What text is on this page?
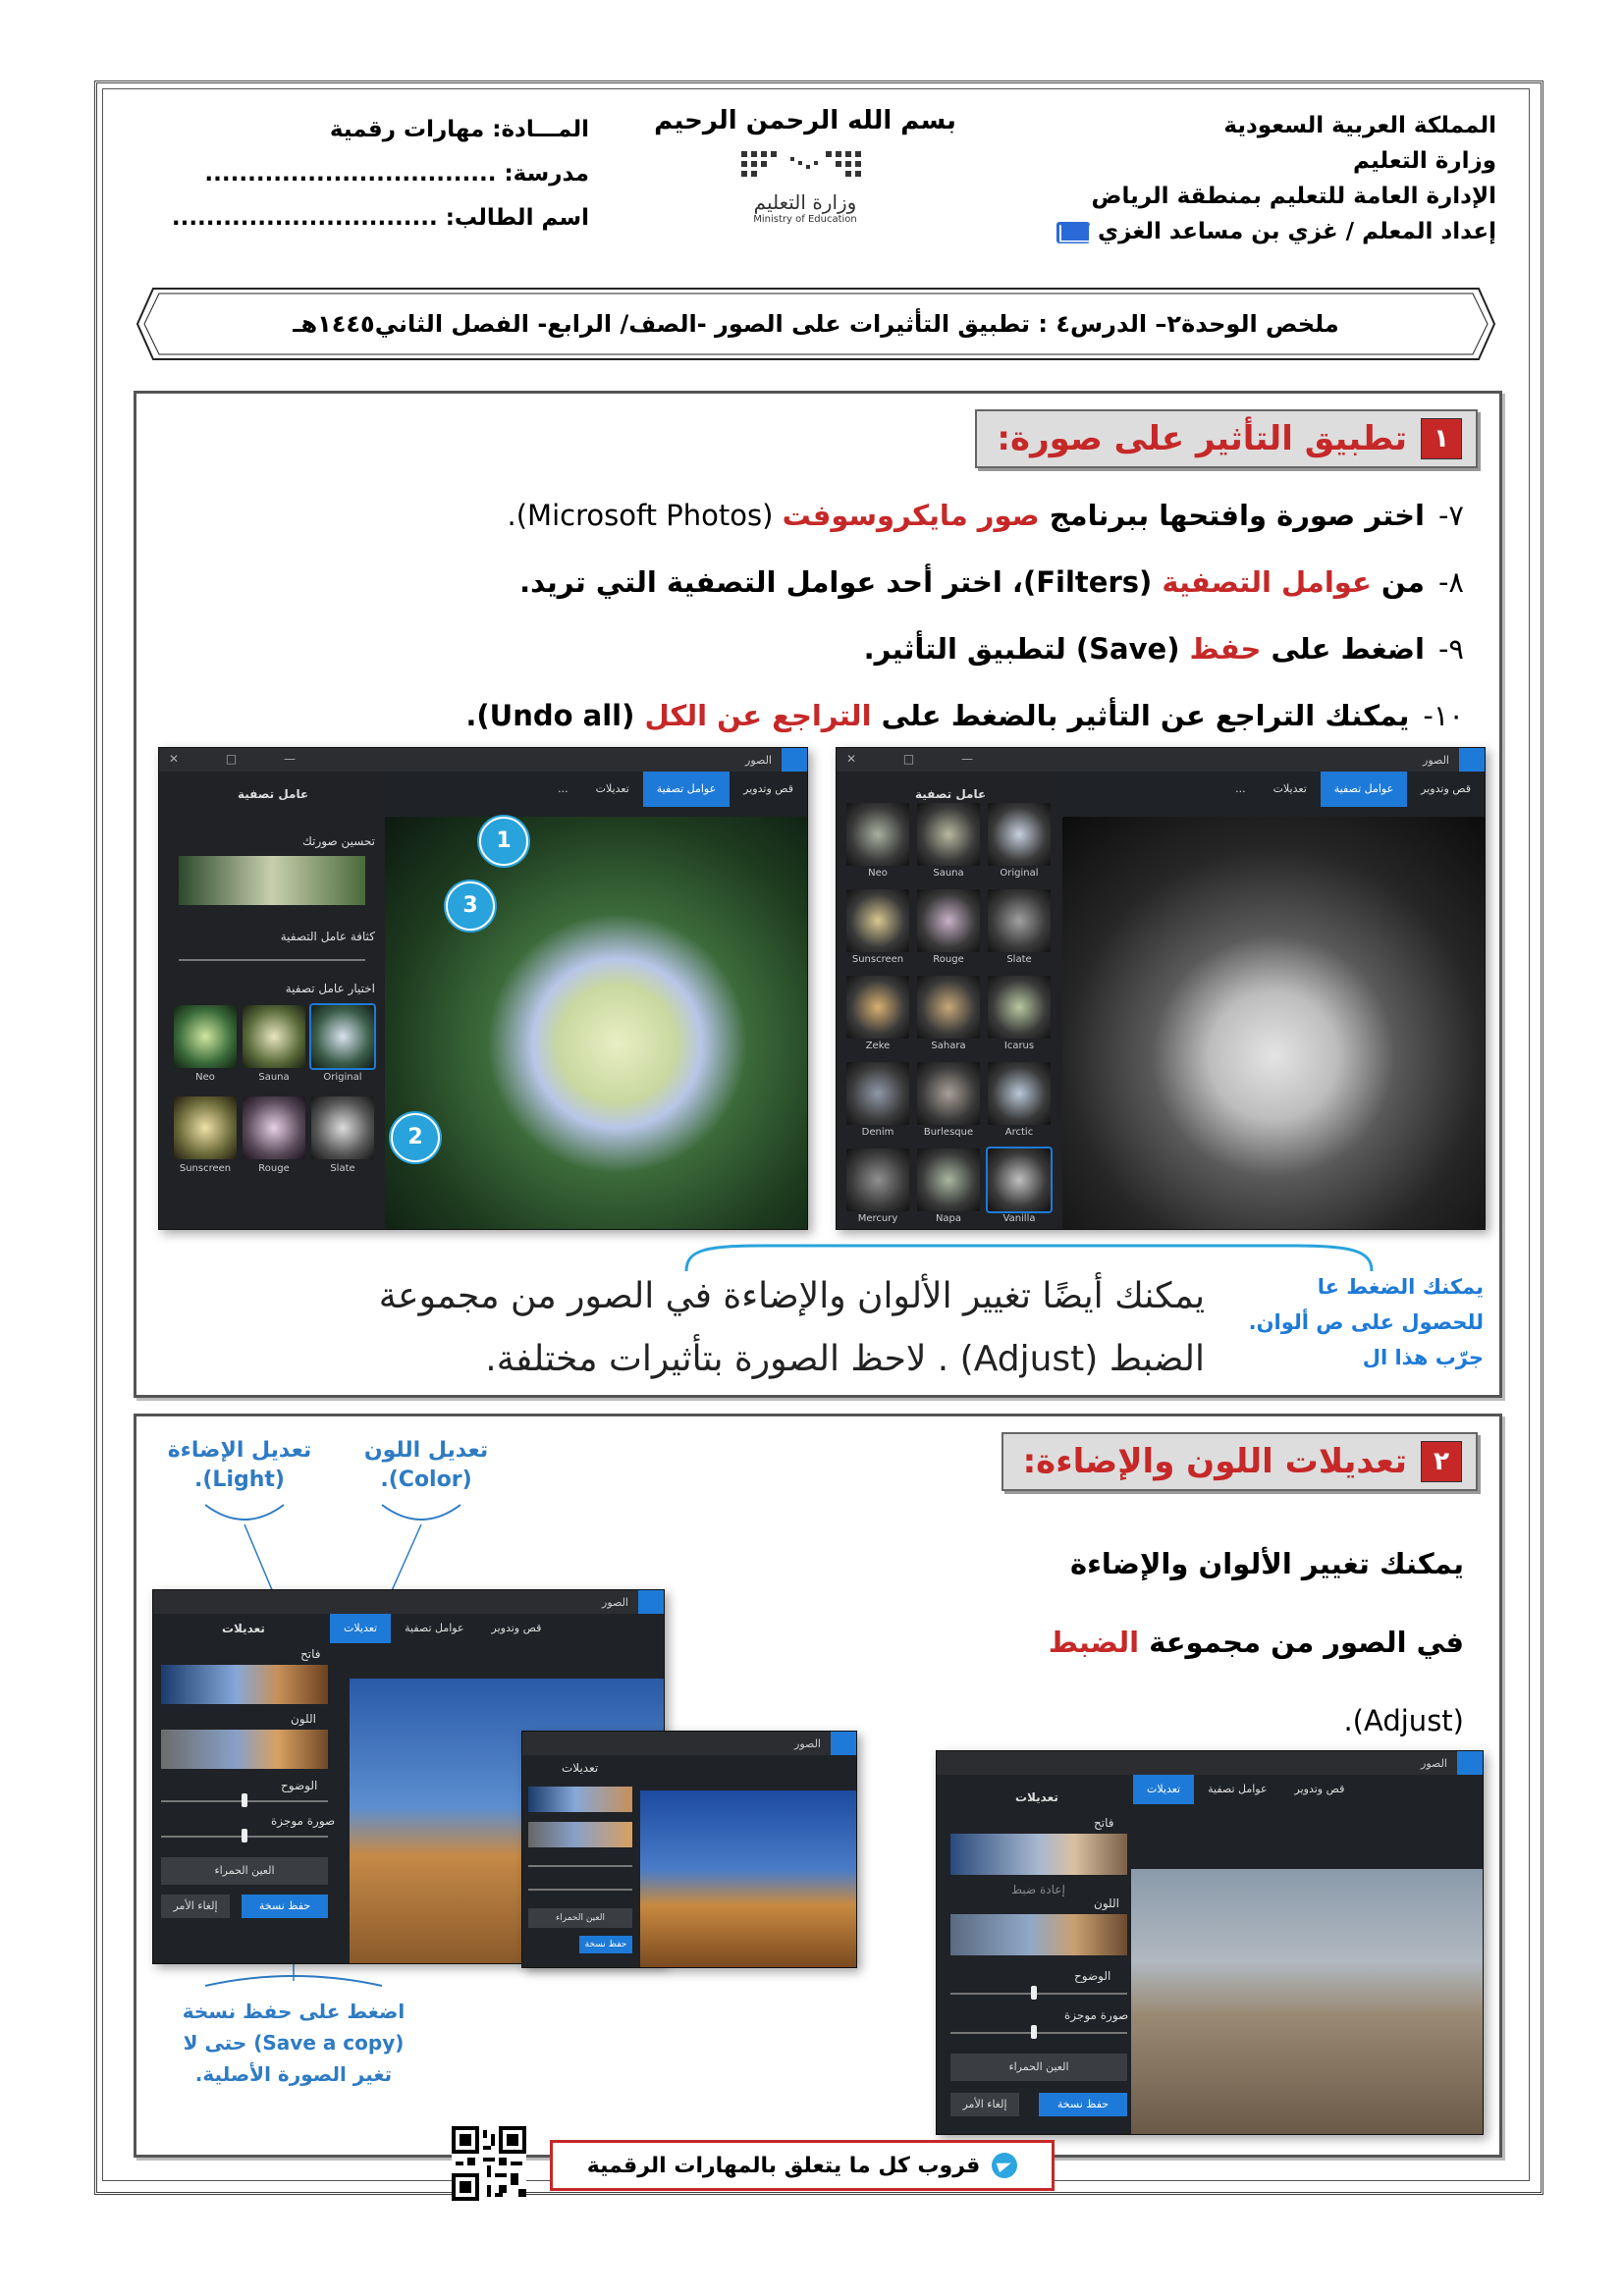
المملكة العربية السعودية
وزارة التعليم
الإدارة العامة للتعليم بمنطقة الرياض
إعداد المعلم / غزي بن مساعد الغزي
بسم الله الرحمن الرحيم
وزارة التعليم
Ministry of Education
المـــادة: مهارات رقمية
مدرسة: ..................................
اسم الطالب: ...............................
ملخص الوحدة٢– الدرس٤ : تطبيق التأثيرات على الصور -الصف/ الرابع- الفصل الثاني١٤٤٥هـ
١
تطبيق التأثير على صورة:
٧-اختر صورة وافتحها ببرنامج صور مايكروسوفت (Microsoft Photos).
٨-من عوامل التصفية (Filters)، اختر أحد عوامل التصفية التي تريد.
٩-اضغط على حفظ (Save) لتطبيق التأثير.
١٠-يمكنك التراجع عن التأثير بالضغط على التراجع عن الكل (Undo all).
الصور
✕ □ —
قص وتدوير
عوامل تصفية
تعديلات
...
عامل تصفية
تحسين صورتك
كثافة عامل التصفية
اختيار عامل تصفية
Neo	Sauna	Original
Sunscreen	Rouge	Slate
1
2
3
الصور
✕ □ —
قص وتدوير
عوامل تصفية
تعديلات
...
عامل تصفية
Neo	Sauna	Original
Sunscreen	Rouge	Slate
Zeke	Sahara	Icarus
Denim	Burlesque	Arctic
Mercury	Napa	Vanilla
يمكنك أيضًا تغيير الألوان والإضاءة في الصور من مجموعة الضبط (Adjust) . لاحظ الصورة بتأثيرات مختلفة.
يمكنك الضغط عا للحصول على ص ألوان. جرّب هذا ال
٢
تعديلات اللون والإضاءة:
يمكنك تغيير الألوان والإضاءة
في الصور من مجموعة الضبط (Adjust).
تعديل الإضاءة (Light).
تعديل اللون (Color).
اضغط على حفظ نسخة (Save a copy) حتى لا تغير الصورة الأصلية.
الصور
قص وتدوير
عوامل تصفية
تعديلات
تعديلات
فاتح
اللون
الوضوح
صورة موجزة
العين الحمراء
حفظ نسخة
إلغاء الأمر
الصور
تعديلات
العين الحمراء
حفظ نسخة
الصور
قص وتدوير
عوامل تصفية
تعديلات
تعديلات
فاتح
إعادة ضبط
اللون
الوضوح
صورة موجزة
العين الحمراء
حفظ نسخة
إلغاء الأمر
قروب كل ما يتعلق بالمهارات الرقمية
